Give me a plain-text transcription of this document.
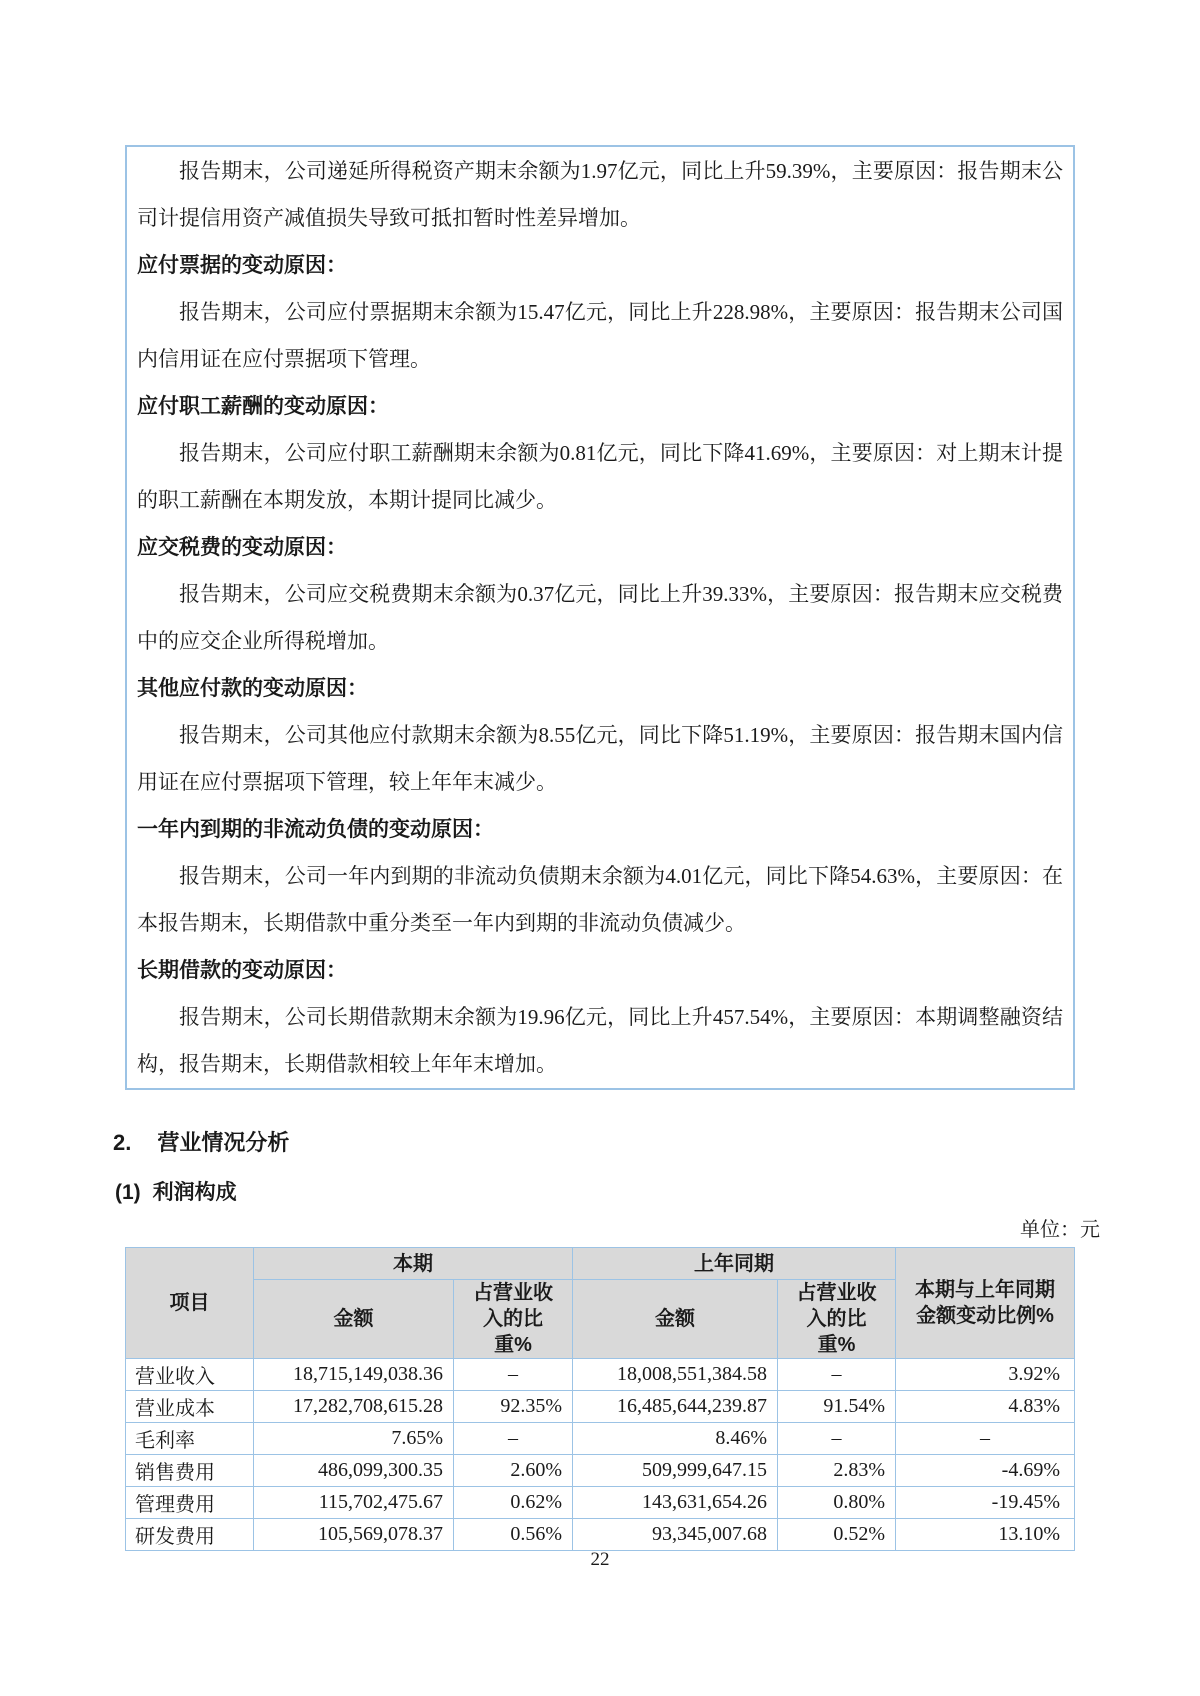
报告期末，公司递延所得税资产期末余额为1.97亿元，同比上升59.39%，主要原因：报告期末公司计提信用资产减值损失导致可抵扣暂时性差异增加。
应付票据的变动原因：
报告期末，公司应付票据期末余额为15.47亿元，同比上升228.98%，主要原因：报告期末公司国内信用证在应付票据项下管理。
应付职工薪酬的变动原因：
报告期末，公司应付职工薪酬期末余额为0.81亿元，同比下降41.69%，主要原因：对上期末计提的职工薪酬在本期发放，本期计提同比减少。
应交税费的变动原因：
报告期末，公司应交税费期末余额为0.37亿元，同比上升39.33%，主要原因：报告期末应交税费中的应交企业所得税增加。
其他应付款的变动原因：
报告期末，公司其他应付款期末余额为8.55亿元，同比下降51.19%，主要原因：报告期末国内信用证在应付票据项下管理，较上年年末减少。
一年内到期的非流动负债的变动原因：
报告期末，公司一年内到期的非流动负债期末余额为4.01亿元，同比下降54.63%，主要原因：在本报告期末，长期借款中重分类至一年内到期的非流动负债减少。
长期借款的变动原因：
报告期末，公司长期借款期末余额为19.96亿元，同比上升457.54%，主要原因：本期调整融资结构，报告期末，长期借款相较上年年末增加。
2. 营业情况分析
(1) 利润构成
单位：元
项目	本期		上年同期		本期与上年同期金额变动比例%
	金额	占营业收入的比重%	金额	占营业收入的比重%	
营业收入	18,715,149,038.36	–	18,008,551,384.58	–	3.92%
营业成本	17,282,708,615.28	92.35%	16,485,644,239.87	91.54%	4.83%
毛利率	7.65%	–	8.46%	–	–
销售费用	486,099,300.35	2.60%	509,999,647.15	2.83%	-4.69%
管理费用	115,702,475.67	0.62%	143,631,654.26	0.80%	-19.45%
研发费用	105,569,078.37	0.56%	93,345,007.68	0.52%	13.10%
22
